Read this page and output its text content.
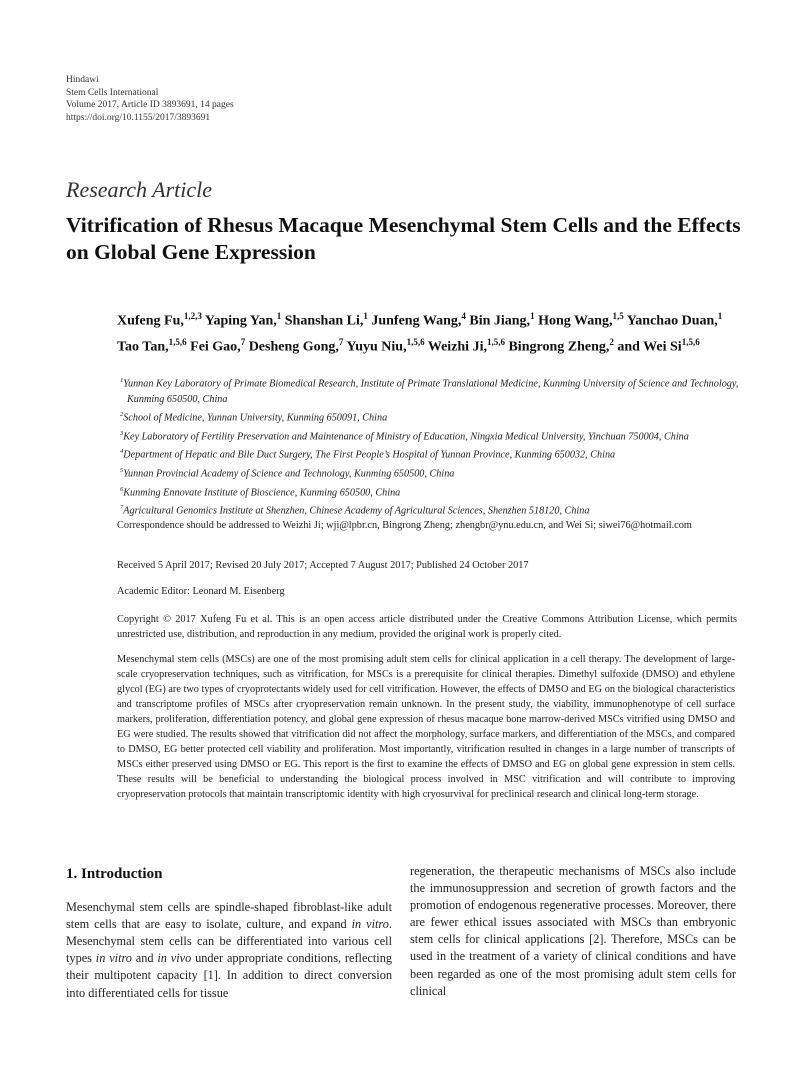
Hindawi
Stem Cells International
Volume 2017, Article ID 3893691, 14 pages
https://doi.org/10.1155/2017/3893691
Research Article
Vitrification of Rhesus Macaque Mesenchymal Stem Cells and the Effects on Global Gene Expression
Xufeng Fu,$^{1,2,3}$ Yaping Yan,$^1$ Shanshan Li,$^1$ Junfeng Wang,$^4$ Bin Jiang,$^1$ Hong Wang,$^{1,5}$ Yanchao Duan,$^1$ Tao Tan,$^{1,5,6}$ Fei Gao,$^7$ Desheng Gong,$^7$ Yuyu Niu,$^{1,5,6}$ Weizhi Ji,$^{1,5,6}$ Bingrong Zheng,$^2$ and Wei Si$^{1,5,6}$
$^1$Yunnan Key Laboratory of Primate Biomedical Research, Institute of Primate Translational Medicine, Kunming University of Science and Technology, Kunming 650500, China
$^2$School of Medicine, Yunnan University, Kunming 650091, China
$^3$Key Laboratory of Fertility Preservation and Maintenance of Ministry of Education, Ningxia Medical University, Yinchuan 750004, China
$^4$Department of Hepatic and Bile Duct Surgery, The First People’s Hospital of Yunnan Province, Kunming 650032, China
$^5$Yunnan Provincial Academy of Science and Technology, Kunming 650500, China
$^6$Kunming Ennovate Institute of Bioscience, Kunming 650500, China
$^7$Agricultural Genomics Institute at Shenzhen, Chinese Academy of Agricultural Sciences, Shenzhen 518120, China
Correspondence should be addressed to Weizhi Ji; wji@lpbr.cn, Bingrong Zheng; zhengbr@ynu.edu.cn, and Wei Si; siwei76@hotmail.com
Received 5 April 2017; Revised 20 July 2017; Accepted 7 August 2017; Published 24 October 2017
Academic Editor: Leonard M. Eisenberg
Copyright © 2017 Xufeng Fu et al. This is an open access article distributed under the Creative Commons Attribution License, which permits unrestricted use, distribution, and reproduction in any medium, provided the original work is properly cited.

Mesenchymal stem cells (MSCs) are one of the most promising adult stem cells for clinical application in a cell therapy. The development of large-scale cryopreservation techniques, such as vitrification, for MSCs is a prerequisite for clinical therapies. Dimethyl sulfoxide (DMSO) and ethylene glycol (EG) are two types of cryoprotectants widely used for cell vitrification. However, the effects of DMSO and EG on the biological characteristics and transcriptome profiles of MSCs after cryopreservation remain unknown. In the present study, the viability, immunophenotype of cell surface markers, proliferation, differentiation potency, and global gene expression of rhesus macaque bone marrow-derived MSCs vitrified using DMSO and EG were studied. The results showed that vitrification did not affect the morphology, surface markers, and differentiation of the MSCs, and compared to DMSO, EG better protected cell viability and proliferation. Most importantly, vitrification resulted in changes in a large number of transcripts of MSCs either preserved using DMSO or EG. This report is the first to examine the effects of DMSO and EG on global gene expression in stem cells. These results will be beneficial to understanding the biological process involved in MSC vitrification and will contribute to improving cryopreservation protocols that maintain transcriptomic identity with high cryosurvival for preclinical research and clinical long-term storage.

1. Introduction

Mesenchymal stem cells are spindle-shaped fibroblast-like adult stem cells that are easy to isolate, culture, and expand in vitro. Mesenchymal stem cells can be differentiated into various cell types in vitro and in vivo under appropriate conditions, reflecting their multipotent capacity [1]. In addition to direct conversion into differentiated cells for tissue

regeneration, the therapeutic mechanisms of MSCs also include the immunosuppression and secretion of growth factors and the promotion of endogenous regenerative processes. Moreover, there are fewer ethical issues associated with MSCs than embryonic stem cells for clinical applications [2]. Therefore, MSCs can be used in the treatment of a variety of clinical conditions and have been regarded as one of the most promising adult stem cells for clinical
